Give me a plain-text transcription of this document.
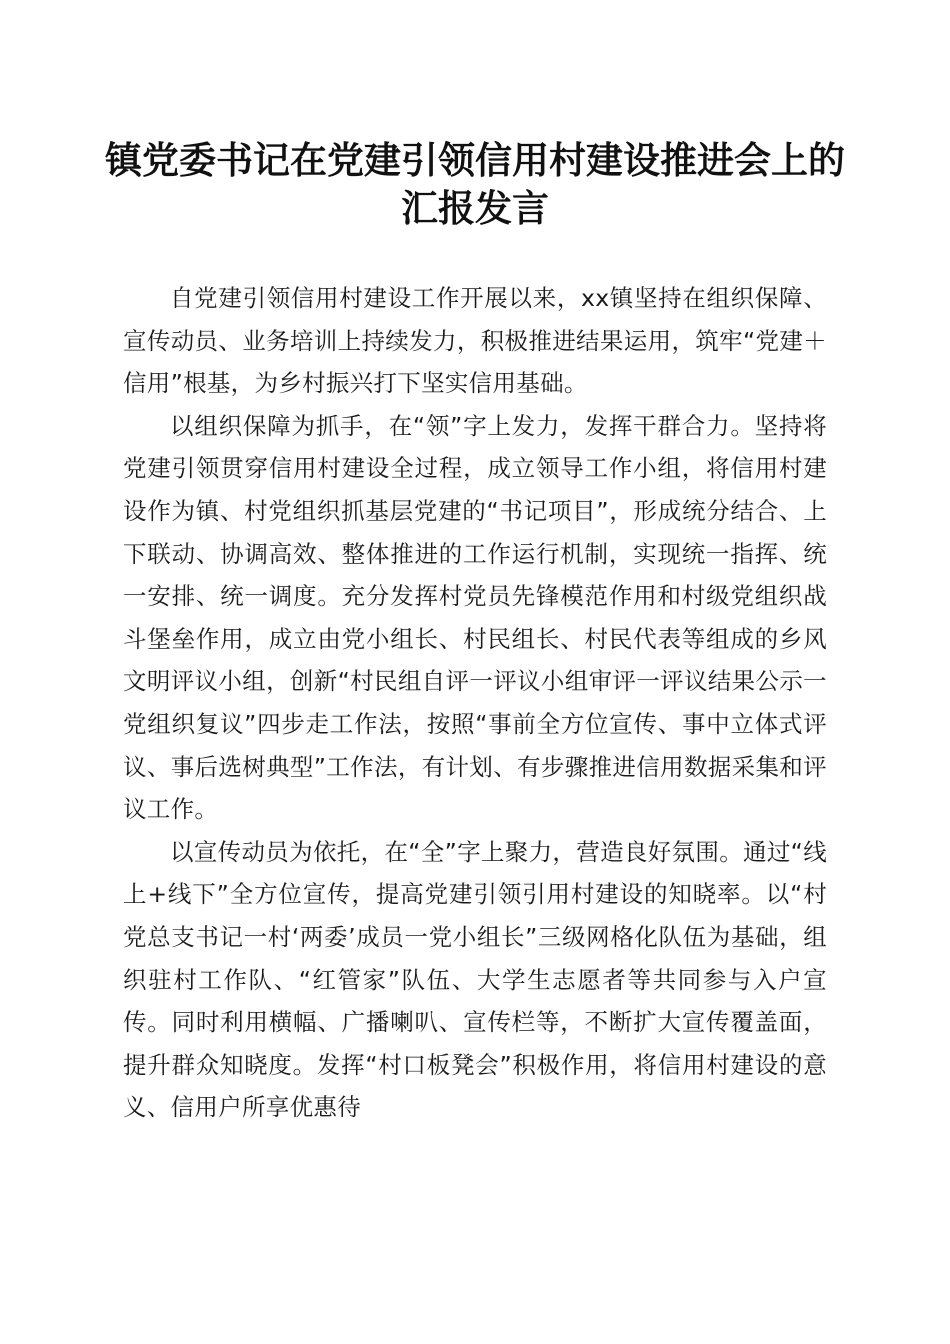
镇党委书记在党建引领信用村建设推进会上的
汇报发言

自党建引领信用村建设工作开展以来，xx镇坚持在组织保障、宣传动员、业务培训上持续发力，积极推进结果运用，筑牢“党建＋信用”根基，为乡村振兴打下坚实信用基础。

以组织保障为抓手，在“领”字上发力，发挥干群合力。坚持将党建引领贯穿信用村建设全过程，成立领导工作小组，将信用村建设作为镇、村党组织抓基层党建的“书记项目”，形成统分结合、上下联动、协调高效、整体推进的工作运行机制，实现统一指挥、统一安排、统一调度。充分发挥村党员先锋模范作用和村级党组织战斗堡垒作用，成立由党小组长、村民组长、村民代表等组成的乡风文明评议小组，创新“村民组自评一评议小组审评一评议结果公示一党组织复议”四步走工作法，按照“事前全方位宣传、事中立体式评议、事后选树典型”工作法，有计划、有步骤推进信用数据采集和评议工作。

以宣传动员为依托，在“全”字上聚力，营造良好氛围。通过“线上+线下”全方位宣传，提高党建引领引用村建设的知晓率。以“村党总支书记一村‘两委’成员一党小组长”三级网格化队伍为基础，组织驻村工作队、“红管家”队伍、大学生志愿者等共同参与入户宣传。同时利用横幅、广播喇叭、宣传栏等，不断扩大宣传覆盖面，提升群众知晓度。发挥“村口板凳会”积极作用，将信用村建设的意义、信用户所享优惠待
